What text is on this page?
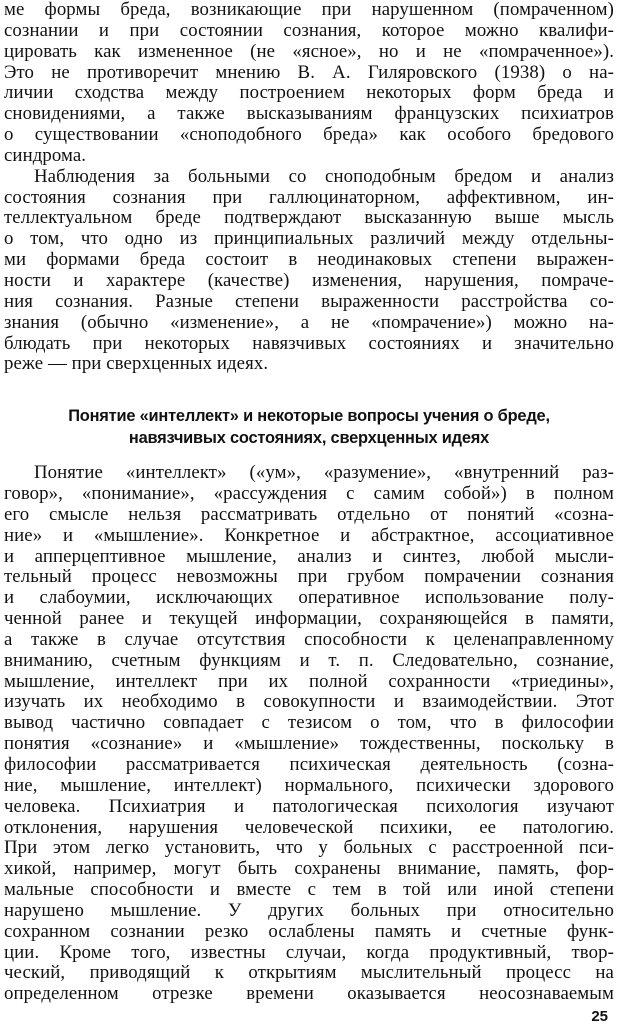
ме формы бреда, возникающие при нарушенном (помраченном)
сознании и при состоянии сознания, которое можно квалифи-
цировать как измененное (не «ясное», но и не «помраченное»).
Это не противоречит мнению В. А. Гиляровского (1938) о на-
личии сходства между построением некоторых форм бреда и
сновидениями, а также высказываниям французских психиатров
о существовании «сноподобного бреда» как особого бредового
синдрома.
Наблюдения за больными со сноподобным бредом и анализ
состояния сознания при галлюцинаторном, аффективном, ин-
теллектуальном бреде подтверждают высказанную выше мысль
о том, что одно из принципиальных различий между отдельны-
ми формами бреда состоит в неодинаковых степени выражен-
ности и характере (качестве) изменения, нарушения, помраче-
ния сознания. Разные степени выраженности расстройства со-
знания (обычно «изменение», а не «помрачение») можно на-
блюдать при некоторых навязчивых состояниях и значительно
реже — при сверхценных идеях.
Понятие «интеллект» и некоторые вопросы учения о бреде,
навязчивых состояниях, сверхценных идеях
Понятие «интеллект» («ум», «разумение», «внутренний раз-
говор», «понимание», «рассуждения с самим собой») в полном
его смысле нельзя рассматривать отдельно от понятий «созна-
ние» и «мышление». Конкретное и абстрактное, ассоциативное
и апперцептивное мышление, анализ и синтез, любой мысли-
тельный процесс невозможны при грубом помрачении сознания
и слабоумии, исключающих оперативное использование полу-
ченной ранее и текущей информации, сохраняющейся в памяти,
а также в случае отсутствия способности к целенаправленному
вниманию, счетным функциям и т. п. Следовательно, сознание,
мышление, интеллект при их полной сохранности «триедины»,
изучать их необходимо в совокупности и взаимодействии. Этот
вывод частично совпадает с тезисом о том, что в философии
понятия «сознание» и «мышление» тождественны, поскольку в
философии рассматривается психическая деятельность (созна-
ние, мышление, интеллект) нормального, психически здорового
человека. Психиатрия и патологическая психология изучают
отклонения, нарушения человеческой психики, ее патологию.
При этом легко установить, что у больных с расстроенной пси-
хикой, например, могут быть сохранены внимание, память, фор-
мальные способности и вместе с тем в той или иной степени
нарушено мышление. У других больных при относительно
сохранном сознании резко ослаблены память и счетные функ-
ции. Кроме того, известны случаи, когда продуктивный, твор-
ческий, приводящий к открытиям мыслительный процесс на
определенном отрезке времени оказывается неосознаваемым
25
